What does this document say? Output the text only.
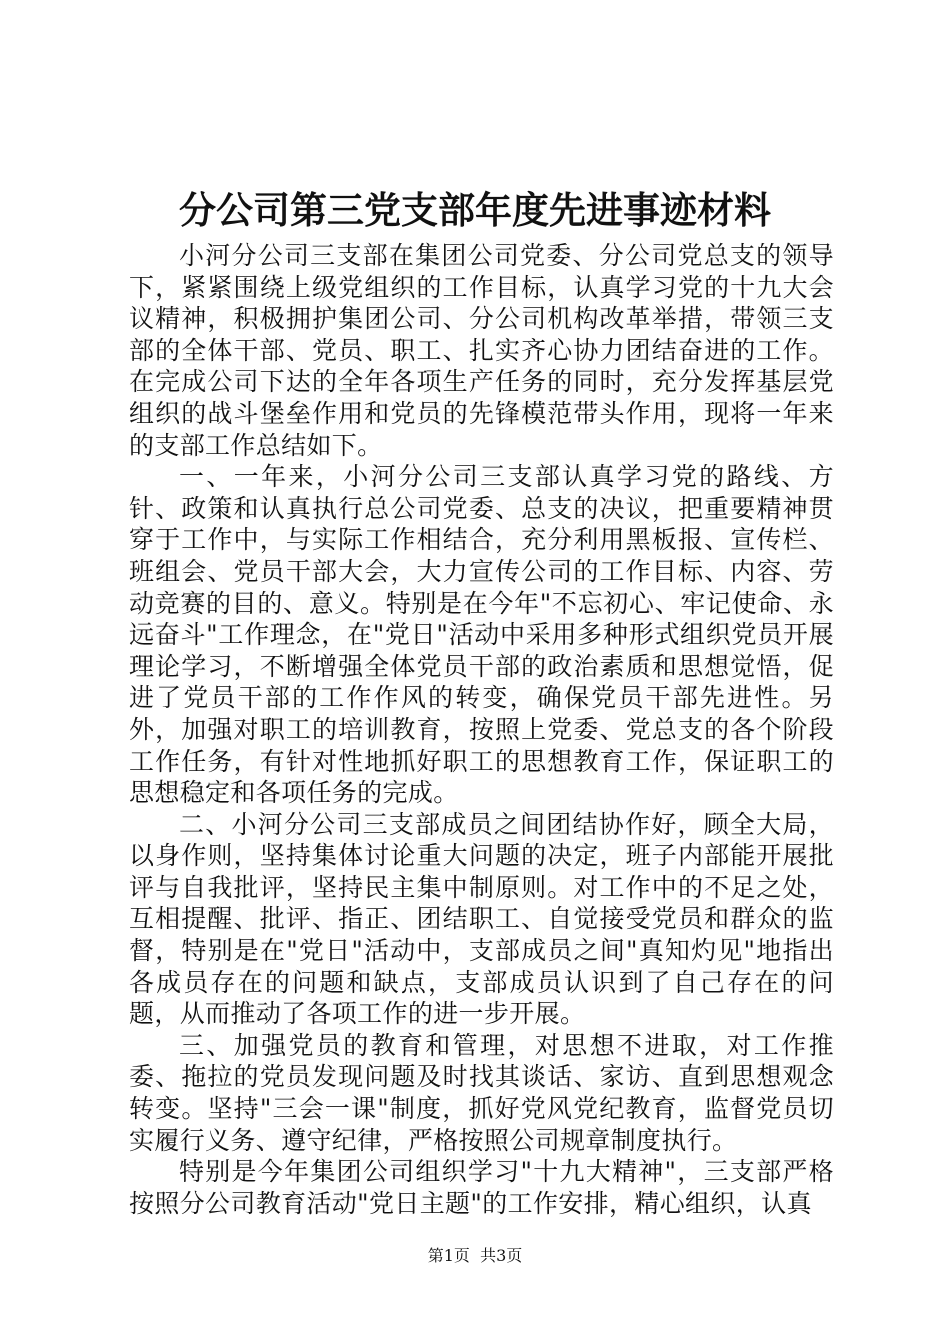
分公司第三党支部年度先进事迹材料

小河分公司三支部在集团公司党委、分公司党总支的领导下，紧紧围绕上级党组织的工作目标，认真学习党的十九大会议精神，积极拥护集团公司、分公司机构改革举措，带领三支部的全体干部、党员、职工、扎实齐心协力团结奋进的工作。在完成公司下达的全年各项生产任务的同时，充分发挥基层党组织的战斗堡垒作用和党员的先锋模范带头作用，现将一年来的支部工作总结如下。

一、一年来，小河分公司三支部认真学习党的路线、方针、政策和认真执行总公司党委、总支的决议，把重要精神贯穿于工作中，与实际工作相结合，充分利用黑板报、宣传栏、班组会、党员干部大会，大力宣传公司的工作目标、内容、劳动竞赛的目的、意义。特别是在今年"不忘初心、牢记使命、永远奋斗"工作理念，在"党日"活动中采用多种形式组织党员开展理论学习，不断增强全体党员干部的政治素质和思想觉悟，促进了党员干部的工作作风的转变，确保党员干部先进性。另外，加强对职工的培训教育，按照上党委、党总支的各个阶段工作任务，有针对性地抓好职工的思想教育工作，保证职工的思想稳定和各项任务的完成。

二、小河分公司三支部成员之间团结协作好，顾全大局，以身作则，坚持集体讨论重大问题的决定，班子内部能开展批评与自我批评，坚持民主集中制原则。对工作中的不足之处，互相提醒、批评、指正、团结职工、自觉接受党员和群众的监督，特别是在"党日"活动中，支部成员之间"真知灼见"地指出各成员存在的问题和缺点，支部成员认识到了自己存在的问题，从而推动了各项工作的进一步开展。

三、加强党员的教育和管理，对思想不进取，对工作推委、拖拉的党员发现问题及时找其谈话、家访、直到思想观念转变。坚持"三会一课"制度，抓好党风党纪教育，监督党员切实履行义务、遵守纪律，严格按照公司规章制度执行。

特别是今年集团公司组织学习"十九大精神"，三支部严格按照分公司教育活动"党日主题"的工作安排，精心组织，认真

第1页 共3页
